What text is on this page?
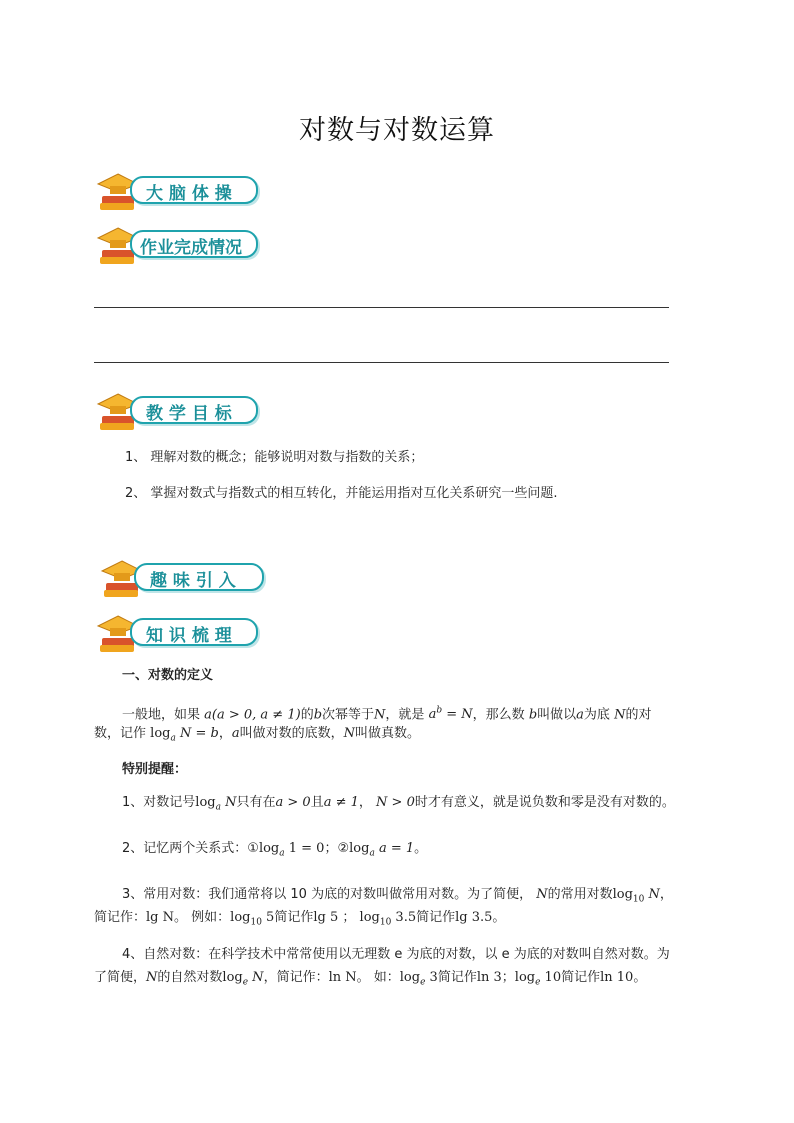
对数与对数运算
大 脑 体 操
作业完成情况
教 学 目 标
1、 理解对数的概念；能够说明对数与指数的关系；
2、 掌握对数式与指数式的相互转化，并能运用指对互化关系研究一些问题.
趣 味 引 入
知 识 梳 理
一、对数的定义
一般地，如果 a(a > 0, a ≠ 1)的b次幂等于N，就是 $a^b = N$，那么数 b叫做以a为底 N的对
数，记作 $\log_a N = b$，a叫做对数的底数，N叫做真数。
特别提醒：
1、对数记号$\log_a N$只有在a > 0且a ≠ 1， N > 0时才有意义，就是说负数和零是没有对数的。
2、记忆两个关系式：$①\log_a$ 1 = 0；$②\log_a$ a = 1。
3、常用对数：我们通常将以 10 为底的对数叫做常用对数。为了简便， N的常用对数$\log_{10} N$，
简记作：lg N。 例如：$\log_{10} 5$简记作lg 5 ； $\log_{10} 3.5$简记作lg 3.5。
4、自然对数：在科学技术中常常使用以无理数 e 为底的对数，以 e 为底的对数叫自然对数。为
了简便，N的自然对数$\log_e N$，简记作：ln N。 如：$\log_e 3$简记作ln 3；$\log_e 10$简记作ln 10。
